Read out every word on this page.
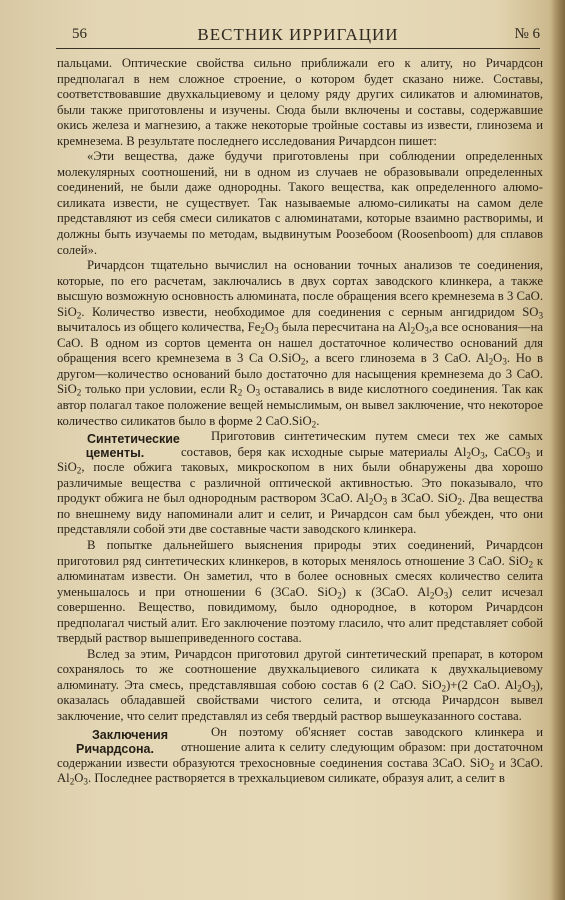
56	ВЕСТНИК ИРРИГАЦИИ	№ 6

пальцами. Оптические свойства сильно приближали его к алиту, но Ричардсон предполагал в нем сложное строение, о котором будет сказано ниже. Составы, соответствовавшие двухкальциевому и целому ряду других силикатов и алюминатов, были также приготовлены и изучены. Сюда были включены и составы, содержавшие окись железа и магнезию, а также некоторые тройные составы из извести, глинозема и кремнезема. В результате последнего исследования Ричардсон пишет:

«Эти вещества, даже будучи приготовлены при соблюдении определенных молекулярных соотношений, ни в одном из случаев не образовывали определенных соединений, не были даже однородны. Такого вещества, как определенного алюмо-силиката извести, не существует. Так называемые алюмо-силикаты на самом деле представляют из себя смеси силикатов с алюминатами, которые взаимно растворимы, и должны быть изучаемы по методам, выдвинутым Роозебоом (Roosenboom) для сплавов солей».

Ричардсон тщательно вычислил на основании точных анализов те соединения, которые, по его расчетам, заключались в двух сортах заводского клинкера, а также высшую возможную основность алюмината, после обращения всего кремнезема в 3 CaO. SiO$_2$. Количество извести, необходимое для соединения с серным ангидридом $SO_3$ вычиталось из общего количества, $Fe_2O_3$ была пересчитана на $Al_2O_3,а$ все основания—на CaO. В одном из сортов цемента он нашел достаточное количество оснований для обращения всего кремнезема в 3 Ca O.SiO$_2$, а всего глинозема в 3 CaO. $Al_2O_3$. Но в другом—количество оснований было достаточно для насыщения кремнезема до 3 CaO. SiO$_2$ только при условии, если $R_2$ $O_3$ оставались в виде кислотного соединения. Так как автор полагал такое положение вещей немыслимым, он вывел заключение, что некоторое количество силикатов было в форме 2 CaO.SiO$_2$.

Синтетические цементы.
Приготовив синтетическим путем смеси тех же самых составов, беря как исходные сырые материалы $Al_2O_3$, CaCO$_3$ и SiO$_2$, после обжига таковых, микроскопом в них были обнаружены два хорошо различимые вещества с различной оптической активностью. Это показывало, что продукт обжига не был однородным раствором 3CaO. $Al_2O_3$ в 3CaO. SiO$_2$. Два вещества по внешнему виду напоминали алит и селит, и Ричардсон сам был убежден, что они представляли собой эти две составные части заводского клинкера.

В попытке дальнейшего выяснения природы этих соединений, Ричардсон приготовил ряд синтетических клинкеров, в которых менялось отношение 3 CaO. SiO$_2$ к алюминатам извести. Он заметил, что в более основных смесях количество селита уменьшалось и при отношении 6 (3CaO. SiO$_2$) к (3CaO. $Al_2O_3$) селит исчезал совершенно. Вещество, повидимому, было однородное, в котором Ричардсон предполагал чистый алит. Его заключение поэтому гласило, что алит представляет собой твердый раствор вышеприведенного состава.

Вслед за этим, Ричардсон приготовил другой синтетический препарат, в котором сохранялось то же соотношение двухкальциевого силиката к двухкальциевому алюминату. Эта смесь, представлявшая собою состав 6 (2 CaO. SiO$_2$)+(2 CaO. $Al_2O_3$), оказалась обладавшей свойствами чистого селита, и отсюда Ричардсон вывел заключение, что селит представлял из себя твердый раствор вышеуказанного состава.

Заключения Ричардсона.
Он поэтому об'ясняет состав заводского клинкера и отношение алита к селиту следующим образом: при достаточном содержании извести образуются трехосновные соединения состава 3CaO. SiO$_2$ и 3CaO. $Al_2O_3$. Последнее растворяется в трехкальциевом силикате, образуя алит, а селит в
